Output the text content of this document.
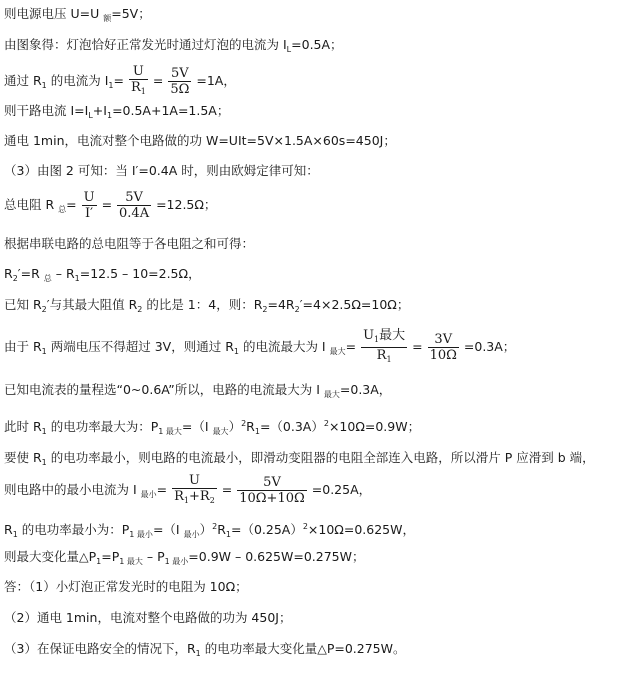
则电源电压 U=U $_额$=5V；
由图象得：灯泡恰好正常发光时通过灯泡的电流为 $I_L=0.5A$；
通过 $R_1$ 的电流为 $I_1= \frac{U}{R_1} = \frac{5V}{5\Omega} =1A$，
则干路电流 $I=I_L+I_1=0.5A+1A=1.5A$；
通电 1min，电流对整个电路做的功 W=UIt=5V×1.5A×60s=450J；
（3）由图 2 可知：当 I′=0.4A 时，则由欧姆定律可知：
总电阻 R $_总= \frac{U}{I'} = \frac{5V}{0.4A} =12.5\Omega$；
根据串联电路的总电阻等于各电阻之和可得：
$R_2'=R$ $_总 - R_1=12.5 - 10=2.5\Omega$，
已知 $R_2'$与其最大阻值 $R_2$ 的比是 1：4，则：$R_2=4R_2'=4\times 2.5\Omega=10\Omega$；
由于 $R_1$ 两端电压不得超过 3V，则通过 $R_1$ 的电流最大为 I $_{最大}= \frac{U_1最大}{R_1} = \frac{3V}{10\Omega} =0.3A$；
已知电流表的量程选“0~0.6A”所以，电路的电流最大为 I $_{最大}$=0.3A，
此时 $R_1$ 的电功率最大为：$P_{1 最大}=(I$ $_{最大})^2R_1=(0.3A)^2\times 10\Omega=0.9W$；
要使 $R_1$ 的电功率最小，则电路的电流最小，即滑动变阻器的电阻全部连入电路，所以滑片 P 应滑到 b 端，
则电路中的最小电流为 I $_{最小}= \frac{U}{R_1+R_2} = \frac{5V}{10\Omega+10\Omega} =0.25A$，
$R_1$ 的电功率最小为：$P_{1 最小}=(I$ $_{最小})^2R_1=(0.25A)^2\times 10\Omega=0.625W$，
则最大变化量$\triangle P_1=P_{1 最大} - P_{1 最小}=0.9W - 0.625W=0.275W$；
答：（1）小灯泡正常发光时的电阻为 10Ω；
（2）通电 1min，电流对整个电路做的功为 450J；
（3）在保证电路安全的情况下，$R_1$ 的电功率最大变化量△P=0.275W。
